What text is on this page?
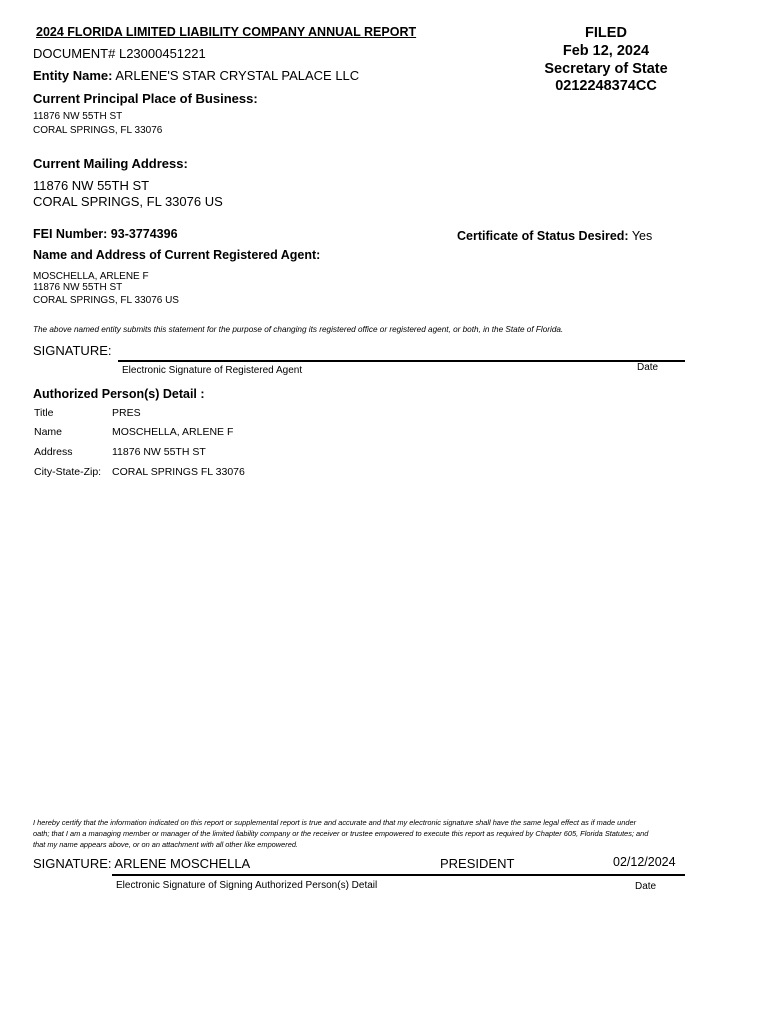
2024 FLORIDA LIMITED LIABILITY COMPANY ANNUAL REPORT	FILED
Feb 12, 2024
Secretary of State
0212248374CC
DOCUMENT# L23000451221
Entity Name: ARLENE'S STAR CRYSTAL PALACE LLC
Current Principal Place of Business:
11876 NW 55TH ST
CORAL SPRINGS, FL 33076
Current Mailing Address:
11876 NW 55TH ST
CORAL SPRINGS, FL 33076 US
FEI Number: 93-3774396	Certificate of Status Desired: Yes
Name and Address of Current Registered Agent:
MOSCHELLA, ARLENE F
11876 NW 55TH ST
CORAL SPRINGS, FL 33076 US
The above named entity submits this statement for the purpose of changing its registered office or registered agent, or both, in the State of Florida.
SIGNATURE:
Electronic Signature of Registered Agent	Date
Authorized Person(s) Detail :
Title	PRES
Name	MOSCHELLA, ARLENE F
Address	11876 NW 55TH ST
City-State-Zip: CORAL SPRINGS FL 33076
I hereby certify that the information indicated on this report or supplemental report is true and accurate and that my electronic signature shall have the same legal effect as if made under
oath; that I am a managing member or manager of the limited liability company or the receiver or trustee empowered to execute this report as required by Chapter 605, Florida Statutes; and
that my name appears above, or on an attachment with all other like empowered.
SIGNATURE: ARLENE MOSCHELLA	PRESIDENT	02/12/2024
Electronic Signature of Signing Authorized Person(s) Detail	Date
